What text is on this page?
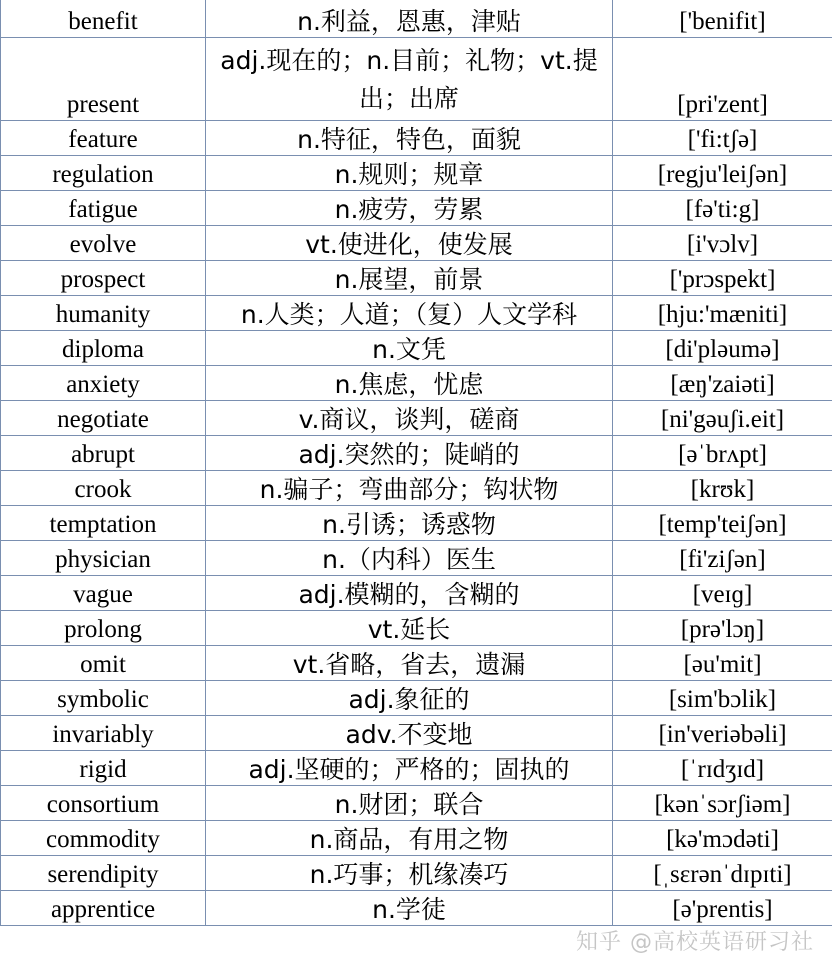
benefit	n.利益，恩惠，津贴	['benifit]
present	adj.现在的；n.目前；礼物；vt.提出；出席	[pri'zent]
feature	n.特征，特色，面貌	['fi:tʃə]
regulation	n.规则；规章	[regju'leiʃən]
fatigue	n.疲劳，劳累	[fə'ti:g]
evolve	vt.使进化，使发展	[i'vɔlv]
prospect	n.展望，前景	['prɔspekt]
humanity	n.人类；人道；（复）人文学科	[hju:'mæniti]
diploma	n.文凭	[di'pləumə]
anxiety	n.焦虑，忧虑	[æŋ'zaiəti]
negotiate	v.商议，谈判，磋商	[ni'gəuʃi.eit]
abrupt	adj.突然的；陡峭的	[əˈbrʌpt]
crook	n.骗子；弯曲部分；钩状物	[krʊk]
temptation	n.引诱；诱惑物	[temp'teiʃən]
physician	n.（内科）医生	[fi'ziʃən]
vague	adj.模糊的，含糊的	[veɪɡ]
prolong	vt.延长	[prə'lɔŋ]
omit	vt.省略，省去，遗漏	[əu'mit]
symbolic	adj.象征的	[sim'bɔlik]
invariably	adv.不变地	[in'veriəbəli]
rigid	adj.坚硬的；严格的；固执的	[ˈrɪdʒɪd]
consortium	n.财团；联合	[kənˈsɔrʃiəm]
commodity	n.商品，有用之物	[kə'mɔdəti]
serendipity	n.巧事；机缘凑巧	[ˌsɛrənˈdɪpɪti]
apprentice	n.学徒	[ə'prentis]
知乎 @高校英语研习社
